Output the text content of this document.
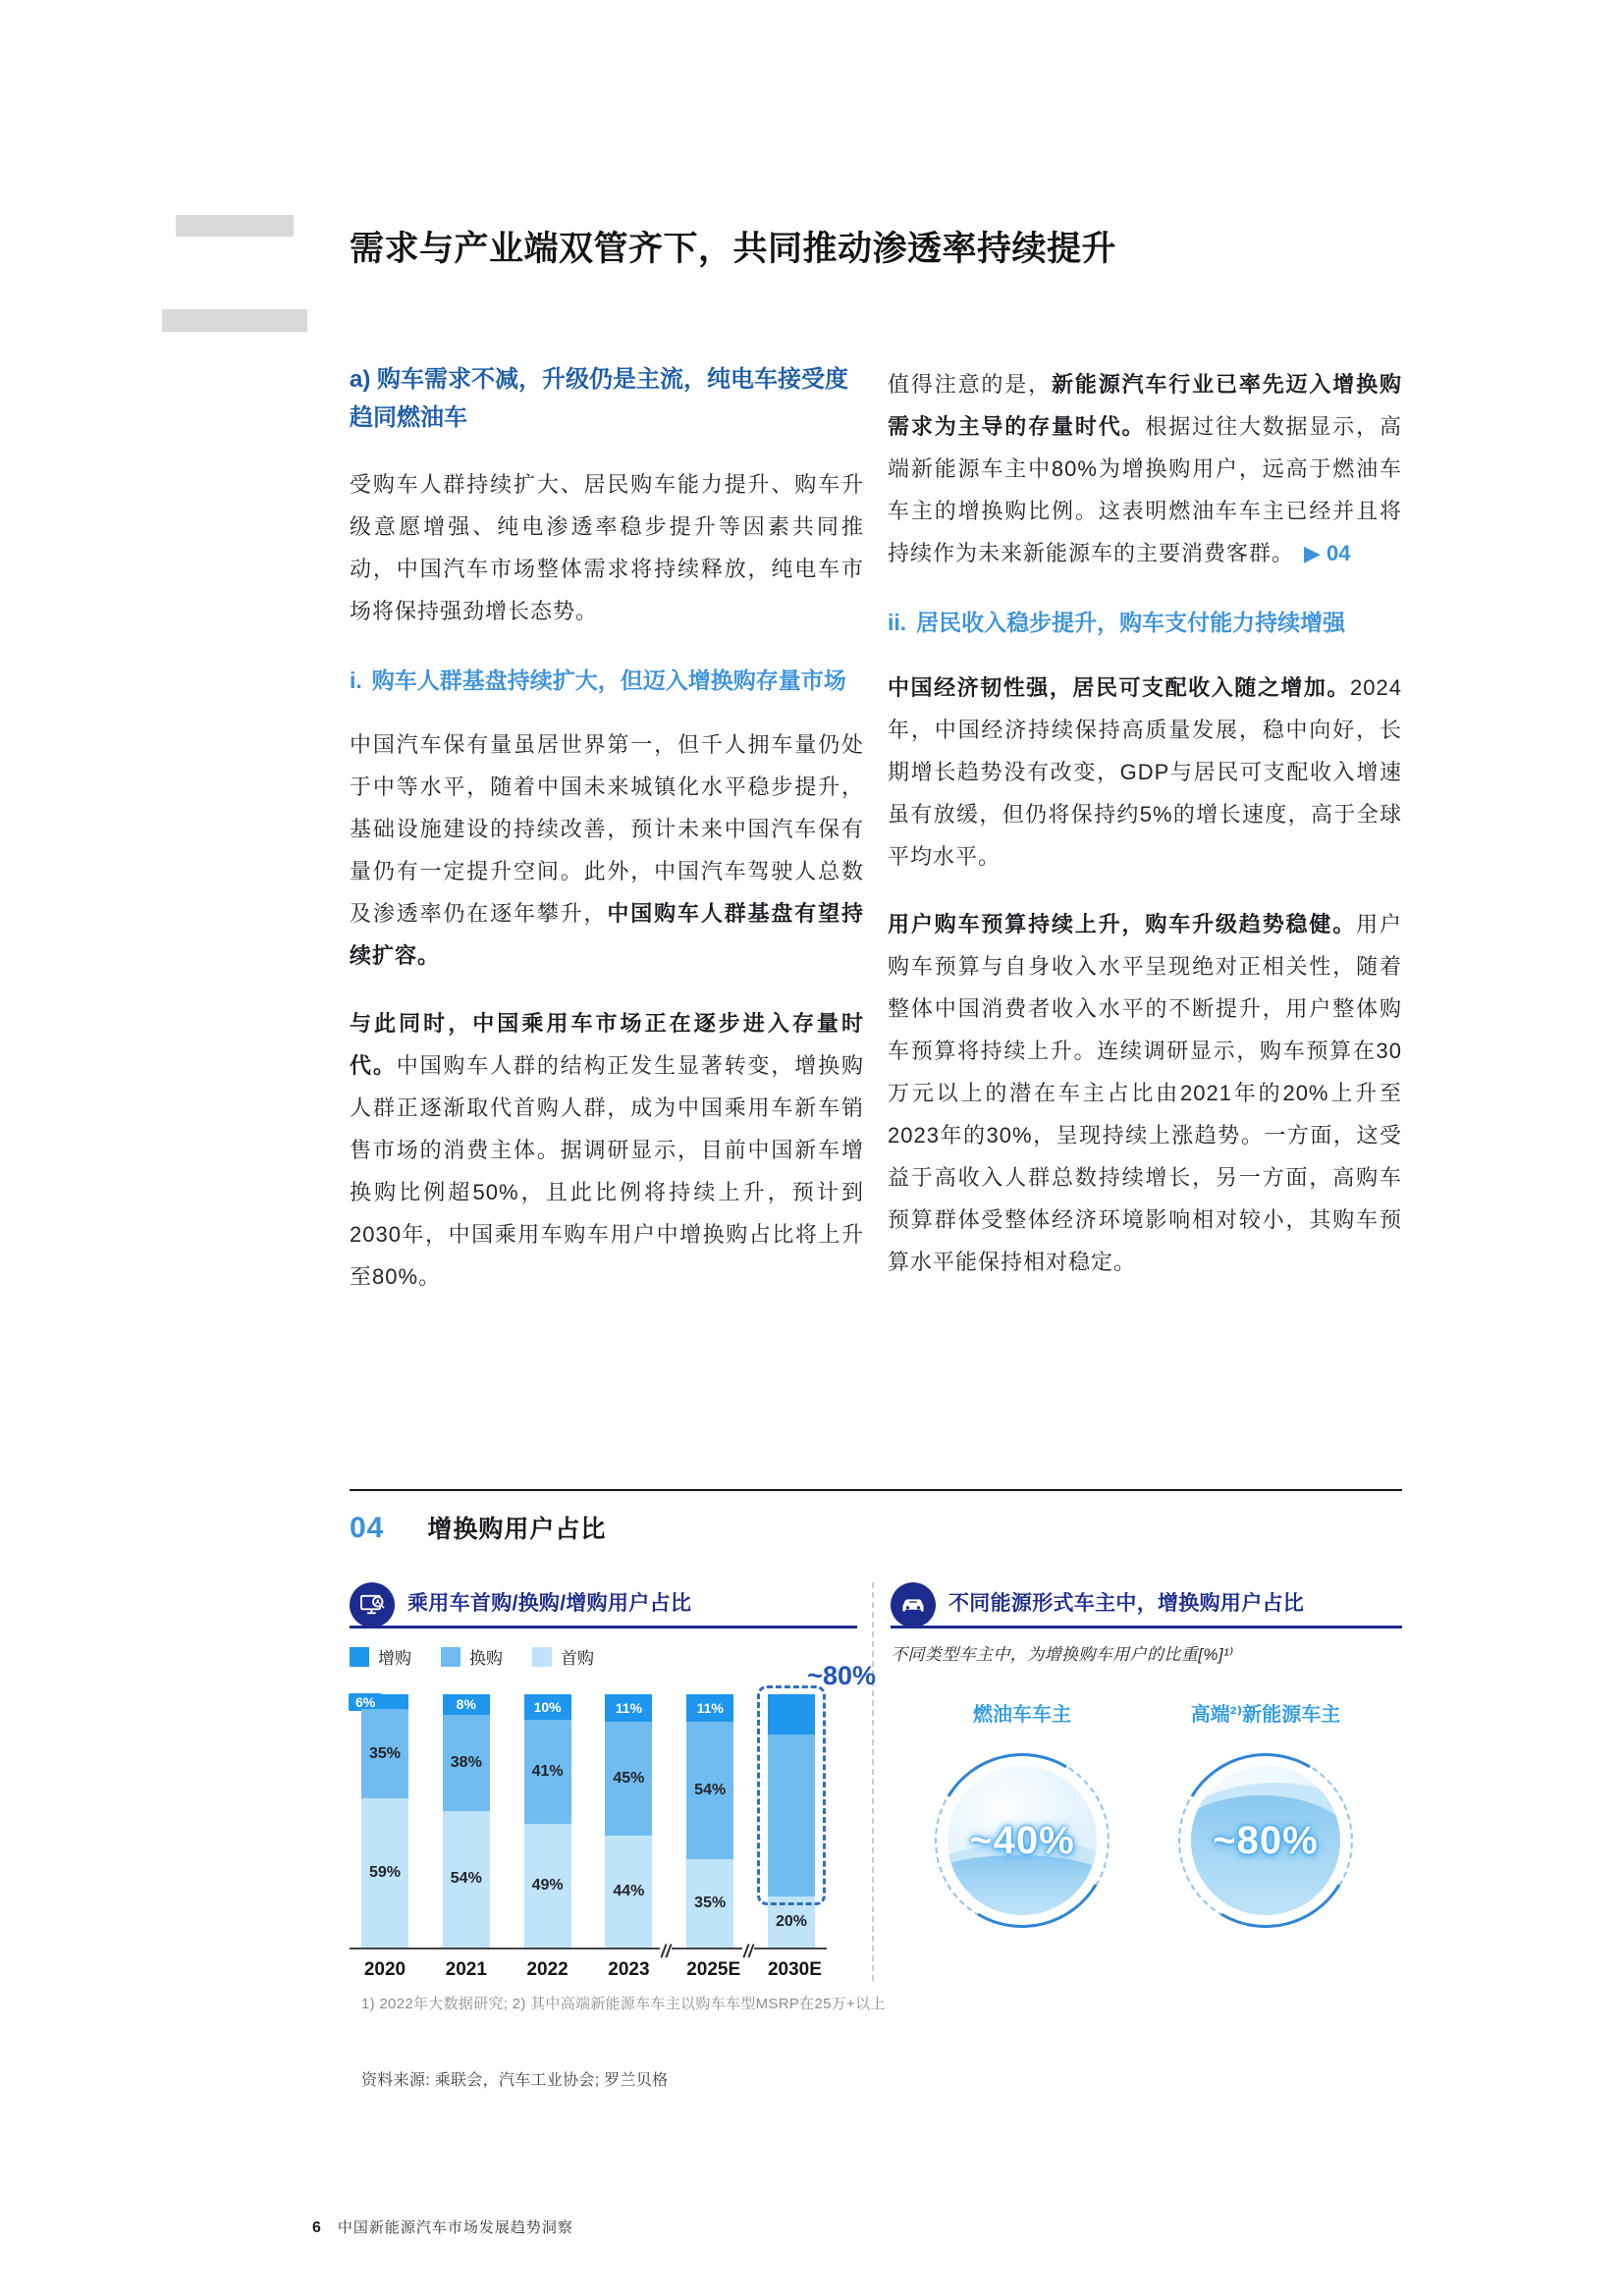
需求与产业端双管齐下，共同推动渗透率持续提升
a) 购车需求不减，升级仍是主流，纯电车接受度趋同燃油车

受购车人群持续扩大、居民购车能力提升、购车升级意愿增强、纯电渗透率稳步提升等因素共同推动，中国汽车市场整体需求将持续释放，纯电车市场将保持强劲增长态势。

i. 购车人群基盘持续扩大，但迈入增换购存量市场

中国汽车保有量虽居世界第一，但千人拥车量仍处于中等水平，随着中国未来城镇化水平稳步提升，基础设施建设的持续改善，预计未来中国汽车保有量仍有一定提升空间。此外，中国汽车驾驶人总数及渗透率仍在逐年攀升，中国购车人群基盘有望持续扩容。

与此同时，中国乘用车市场正在逐步进入存量时代。中国购车人群的结构正发生显著转变，增换购人群正逐渐取代首购人群，成为中国乘用车新车销售市场的消费主体。据调研显示，目前中国新车增换购比例超50%，且此比例将持续上升，预计到2030年，中国乘用车购车用户中增换购占比将上升至80%。

值得注意的是，新能源汽车行业已率先迈入增换购需求为主导的存量时代。根据过往大数据显示，高端新能源车主中80%为增换购用户，远高于燃油车车主的增换购比例。这表明燃油车车主已经并且将持续作为未来新能源车的主要消费客群。 ▶ 04

ii. 居民收入稳步提升，购车支付能力持续增强

中国经济韧性强，居民可支配收入随之增加。2024年，中国经济持续保持高质量发展，稳中向好，长期增长趋势没有改变，GDP与居民可支配收入增速虽有放缓，但仍将保持约5%的增长速度，高于全球平均水平。

用户购车预算持续上升，购车升级趋势稳健。用户购车预算与自身收入水平呈现绝对正相关性，随着整体中国消费者收入水平的不断提升，用户整体购车预算将持续上升。连续调研显示，购车预算在30万元以上的潜在车主占比由2021年的20%上升至2023年的30%，呈现持续上涨趋势。一方面，这受益于高收入人群总数持续增长，另一方面，高购车预算群体受整体经济环境影响相对较小，其购车预算水平能保持相对稳定。

04 增换购用户占比
乘用车首购/换购/增购用户占比
增购	换购	首购
//	//
6%
35%
59%
8%
38%
54%
10%
41%
49%
11%
45%
44%
11%
54%
35%
20%
~80%
2020 2021 2022 2023 2025E 2030E
不同能源形式车主中，增换购用户占比
不同类型车主中，为增换购车用户的比重[%]¹⁾
燃油车车主
~40%
高端²⁾新能源车主
~80%
1) 2022年大数据研究; 2) 其中高端新能源车车主以购车车型MSRP在25万+以上
资料来源: 乘联会，汽车工业协会; 罗兰贝格
6 中国新能源汽车市场发展趋势洞察
